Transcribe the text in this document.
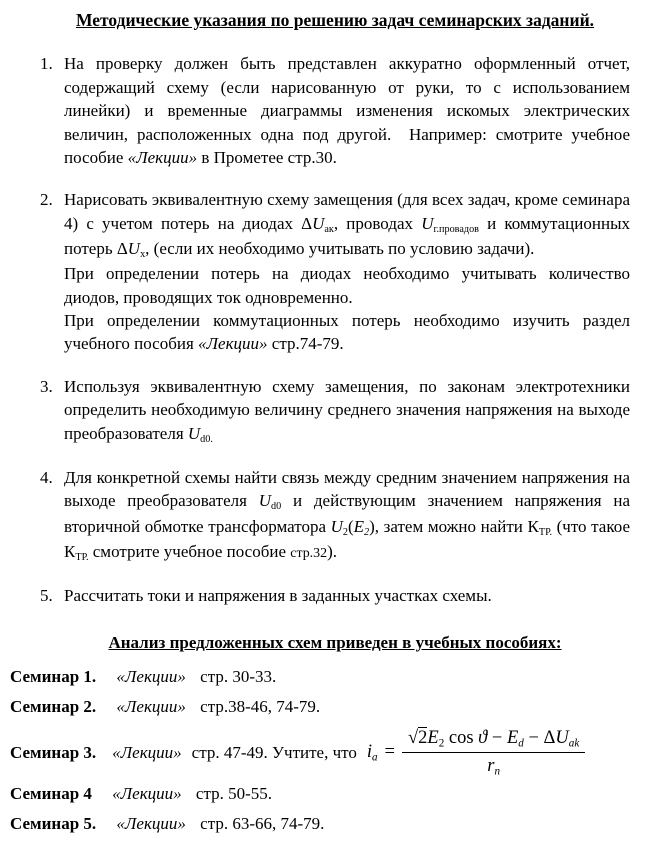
Методические указания по решению задач семинарских заданий.
1. На проверку должен быть представлен аккуратно оформленный отчет, содержащий схему (если нарисованную от руки, то с использованием линейки) и временные диаграммы изменения искомых электрических величин, расположенных одна под другой.  Например: смотрите учебное пособие «Лекции» в Прометее стр.30.

2. Нарисовать эквивалентную схему замещения (для всех задач, кроме семинара 4) с учетом потерь на диодах ΔUак, проводах Uг.провадов и коммутационных потерь ΔUх, (если их необходимо учитывать по условию задачи).

При определении потерь на диодах необходимо учитывать количество диодов, проводящих ток одновременно.

При определении коммутационных потерь необходимо изучить раздел учебного пособия «Лекции» стр.74-79.

3. Используя эквивалентную схему замещения, по законам электротехники определить необходимую величину среднего значения напряжения на выходе преобразователя Ud0.

4. Для конкретной схемы найти связь между средним значением напряжения на выходе преобразователя Ud0 и действующим значением напряжения на вторичной обмотке трансформатора U2(E2), затем можно найти КТР. (что такое КТР. смотрите учебное пособие стр.32).

5. Рассчитать токи и напряжения в заданных участках схемы.

Анализ предложенных схем приведен в учебных пособиях:
Семинар 1. «Лекции» стр. 30-33.
Семинар 2. «Лекции» стр.38-46, 74-79.
Семинар 3. «Лекции» стр. 47-49. Учтите, что iа = $\frac{\text{√2E2 cos ϑ − Ed − ΔUak}}{rn}$
Семинар 4 «Лекции» стр. 50-55.
Семинар 5. «Лекции» стр. 63-66, 74-79.
